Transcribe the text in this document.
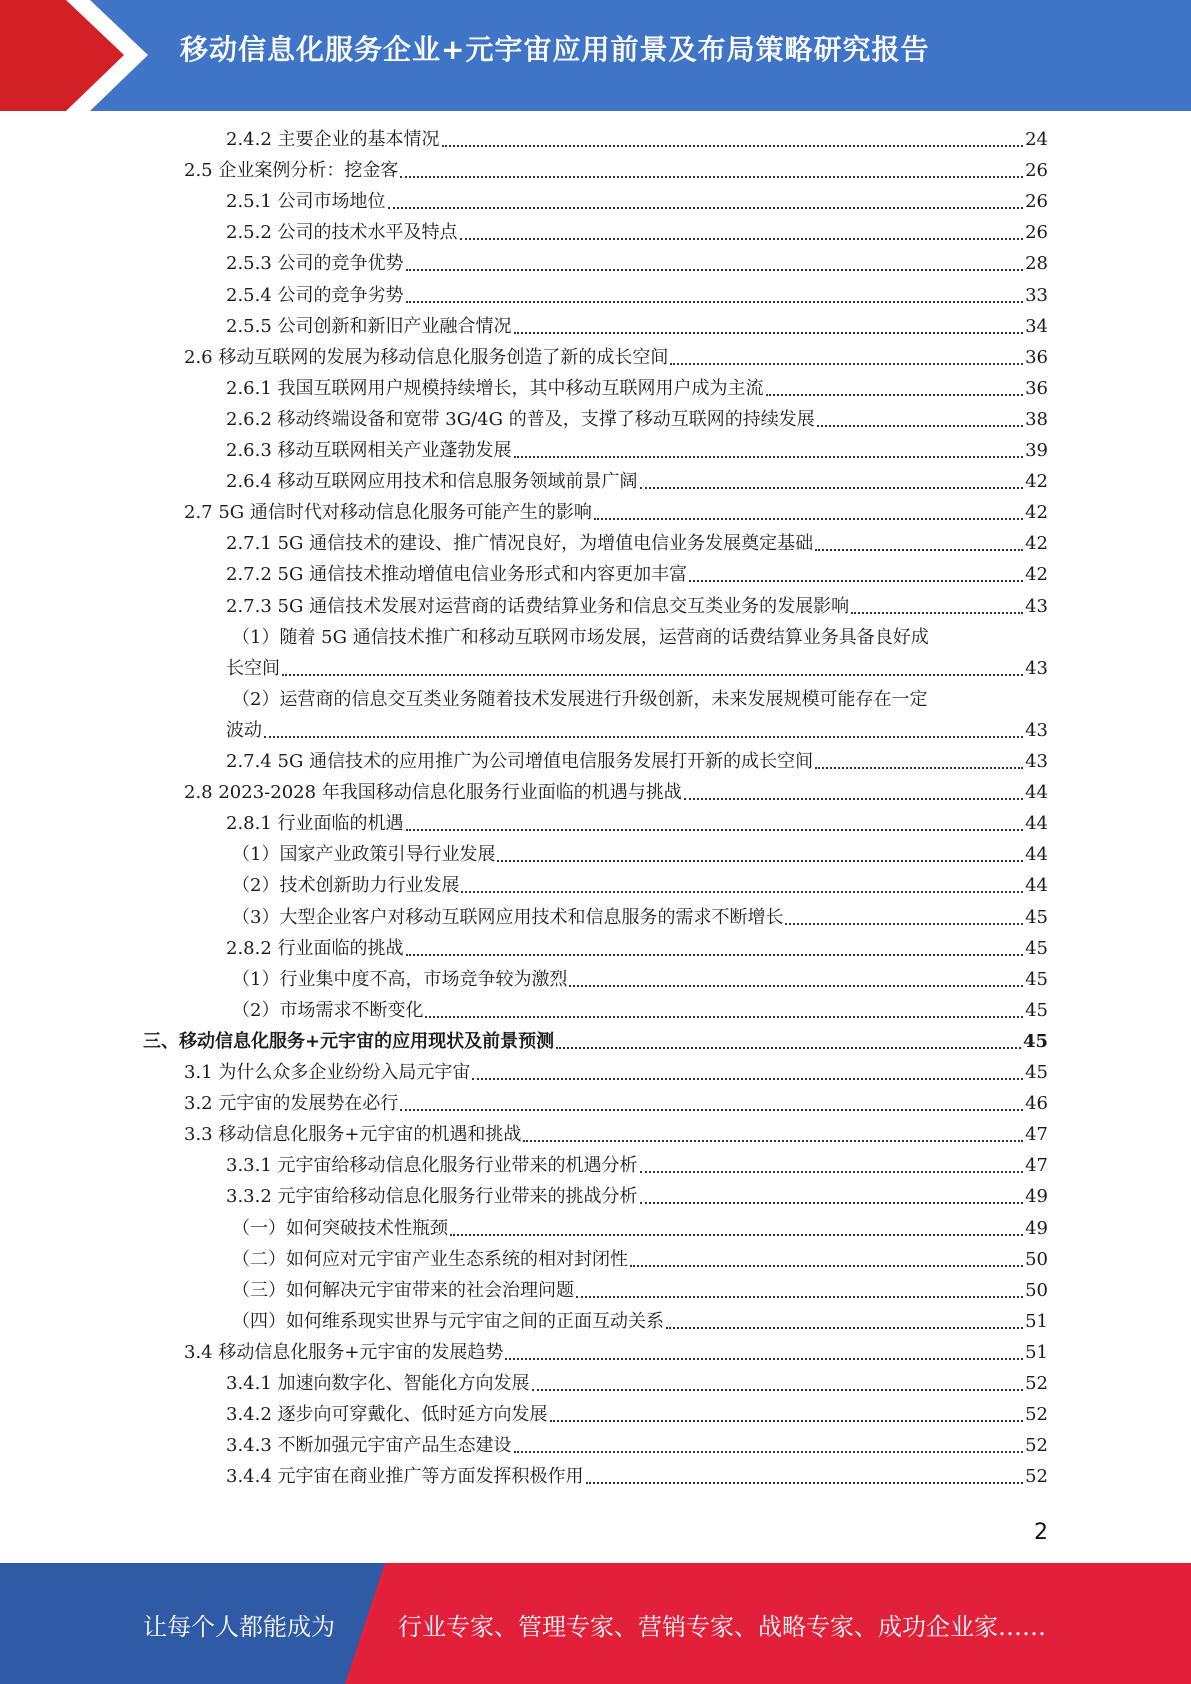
移动信息化服务企业+元宇宙应用前景及布局策略研究报告
2.4.2 主要企业的基本情况	24
2.5 企业案例分析：挖金客	26
2.5.1 公司市场地位	26
2.5.2 公司的技术水平及特点	26
2.5.3 公司的竞争优势	28
2.5.4 公司的竞争劣势	33
2.5.5 公司创新和新旧产业融合情况	34
2.6 移动互联网的发展为移动信息化服务创造了新的成长空间	36
2.6.1 我国互联网用户规模持续增长，其中移动互联网用户成为主流	36
2.6.2 移动终端设备和宽带 3G/4G 的普及，支撑了移动互联网的持续发展	38
2.6.3 移动互联网相关产业蓬勃发展	39
2.6.4 移动互联网应用技术和信息服务领域前景广阔	42
2.7 5G 通信时代对移动信息化服务可能产生的影响	42
2.7.1 5G 通信技术的建设、推广情况良好，为增值电信业务发展奠定基础	42
2.7.2 5G 通信技术推动增值电信业务形式和内容更加丰富	42
2.7.3 5G 通信技术发展对运营商的话费结算业务和信息交互类业务的发展影响	43
（1）随着 5G 通信技术推广和移动互联网市场发展，运营商的话费结算业务具备良好成
长空间	43
（2）运营商的信息交互类业务随着技术发展进行升级创新，未来发展规模可能存在一定
波动	43
2.7.4 5G 通信技术的应用推广为公司增值电信服务发展打开新的成长空间	43
2.8 2023-2028 年我国移动信息化服务行业面临的机遇与挑战	44
2.8.1 行业面临的机遇	44
（1）国家产业政策引导行业发展	44
（2）技术创新助力行业发展	44
（3）大型企业客户对移动互联网应用技术和信息服务的需求不断增长	45
2.8.2 行业面临的挑战	45
（1）行业集中度不高，市场竞争较为激烈	45
（2）市场需求不断变化	45
三、移动信息化服务+元宇宙的应用现状及前景预测	45
3.1 为什么众多企业纷纷入局元宇宙	45
3.2 元宇宙的发展势在必行	46
3.3 移动信息化服务+元宇宙的机遇和挑战	47
3.3.1 元宇宙给移动信息化服务行业带来的机遇分析	47
3.3.2 元宇宙给移动信息化服务行业带来的挑战分析	49
（一）如何突破技术性瓶颈	49
（二）如何应对元宇宙产业生态系统的相对封闭性	50
（三）如何解决元宇宙带来的社会治理问题	50
（四）如何维系现实世界与元宇宙之间的正面互动关系	51
3.4 移动信息化服务+元宇宙的发展趋势	51
3.4.1 加速向数字化、智能化方向发展	52
3.4.2 逐步向可穿戴化、低时延方向发展	52
3.4.3 不断加强元宇宙产品生态建设	52
3.4.4 元宇宙在商业推广等方面发挥积极作用	52
2
让每个人都能成为	行业专家、管理专家、营销专家、战略专家、成功企业家……
